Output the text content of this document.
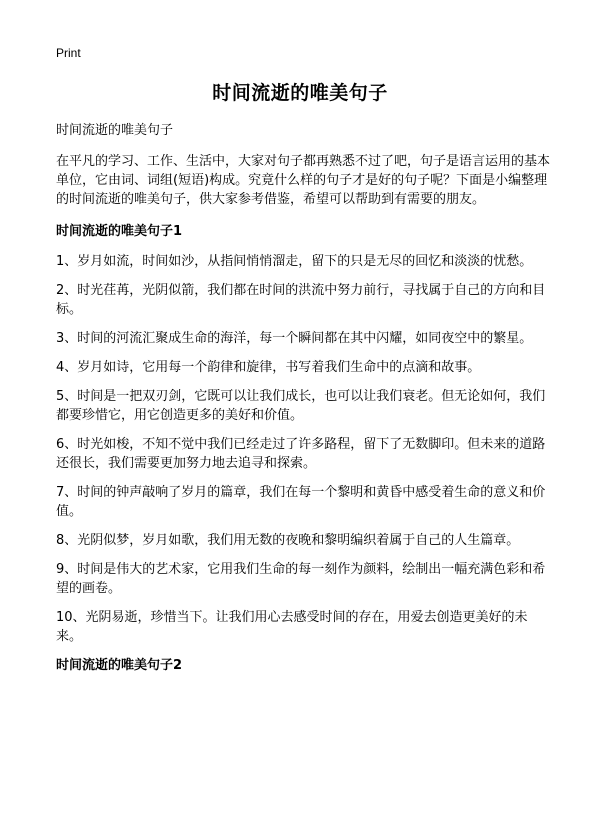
Print
时间流逝的唯美句子

时间流逝的唯美句子

在平凡的学习、工作、生活中，大家对句子都再熟悉不过了吧，句子是语言运用的基本单位，它由词、词组(短语)构成。究竟什么样的句子才是好的句子呢？下面是小编整理的时间流逝的唯美句子，供大家参考借鉴，希望可以帮助到有需要的朋友。

时间流逝的唯美句子1

1、岁月如流，时间如沙，从指间悄悄溜走，留下的只是无尽的回忆和淡淡的忧愁。

2、时光荏苒，光阴似箭，我们都在时间的洪流中努力前行，寻找属于自己的方向和目标。

3、时间的河流汇聚成生命的海洋，每一个瞬间都在其中闪耀，如同夜空中的繁星。

4、岁月如诗，它用每一个韵律和旋律，书写着我们生命中的点滴和故事。

5、时间是一把双刃剑，它既可以让我们成长，也可以让我们衰老。但无论如何，我们都要珍惜它，用它创造更多的美好和价值。

6、时光如梭，不知不觉中我们已经走过了许多路程，留下了无数脚印。但未来的道路还很长，我们需要更加努力地去追寻和探索。

7、时间的钟声敲响了岁月的篇章，我们在每一个黎明和黄昏中感受着生命的意义和价值。

8、光阴似梦，岁月如歌，我们用无数的夜晚和黎明编织着属于自己的人生篇章。

9、时间是伟大的艺术家，它用我们生命的每一刻作为颜料，绘制出一幅充满色彩和希望的画卷。

10、光阴易逝，珍惜当下。让我们用心去感受时间的存在，用爱去创造更美好的未来。

时间流逝的唯美句子2
